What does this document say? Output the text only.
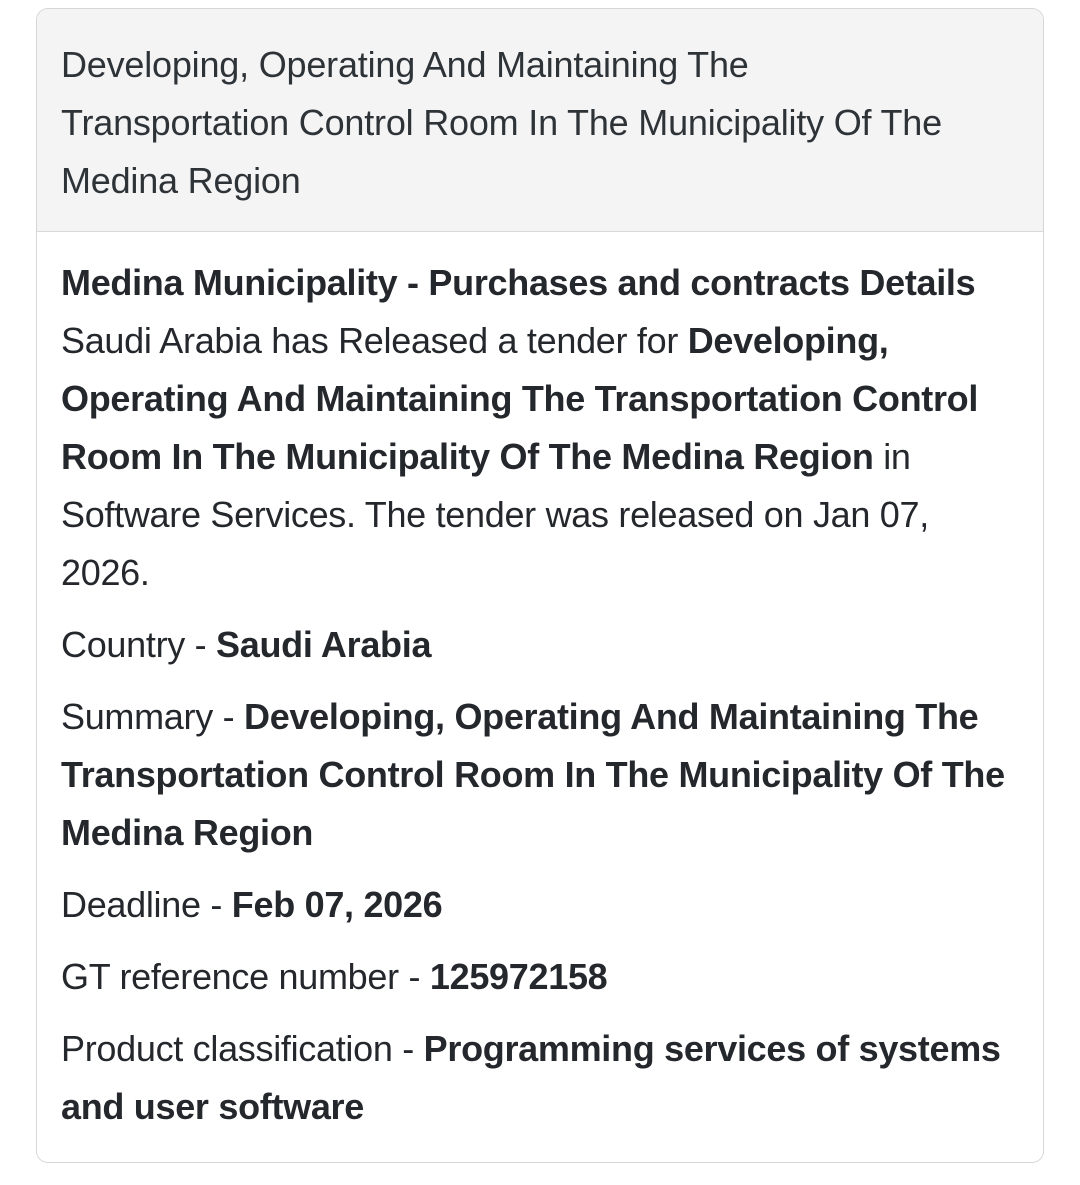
Developing, Operating And Maintaining The Transportation Control Room In The Municipality Of The Medina Region

Medina Municipality - Purchases and contracts Details Saudi Arabia has Released a tender for Developing, Operating And Maintaining The Transportation Control Room In The Municipality Of The Medina Region in Software Services. The tender was released on Jan 07, 2026.

Country - Saudi Arabia

Summary - Developing, Operating And Maintaining The Transportation Control Room In The Municipality Of The Medina Region

Deadline - Feb 07, 2026

GT reference number - 125972158

Product classification - Programming services of systems and user software
